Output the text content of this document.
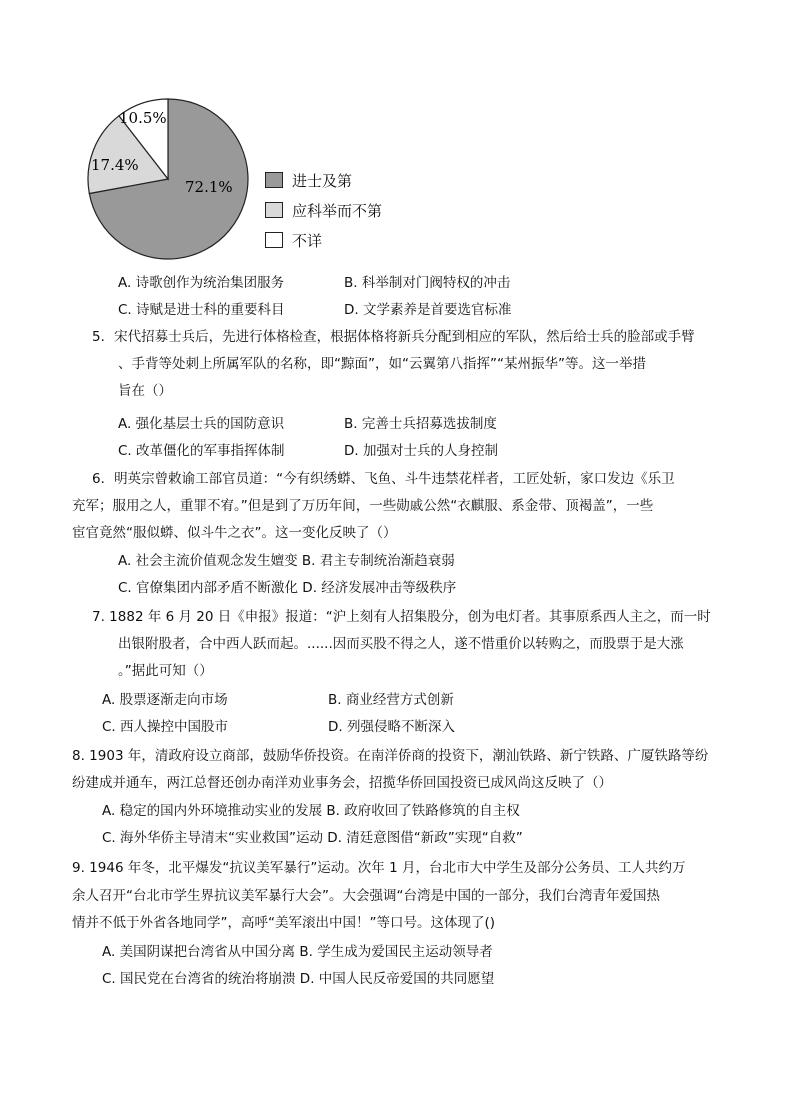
72.1%
17.4%
10.5%
进士及第
应科举而不第
不详
A. 诗歌创作为统治集团服务	B. 科举制对门阀特权的冲击
C. 诗赋是进士科的重要科目	D. 文学素养是首要选官标准
5．宋代招募士兵后，先进行体格检查，根据体格将新兵分配到相应的军队，然后给士兵的脸部或手臂
、手背等处刺上所属军队的名称，即“黥面”，如“云翼第八指挥”“某州振华”等。这一举措
旨在（）
A. 强化基层士兵的国防意识	B. 完善士兵招募选拔制度
C. 改革僵化的军事指挥体制	D. 加强对士兵的人身控制
6．明英宗曾敕谕工部官员道：“今有织绣蟒、飞鱼、斗牛违禁花样者，工匠处斩，家口发边《乐卫
充军；服用之人，重罪不宥。”但是到了万历年间，一些勋戚公然“衣麒服、系金带、顶褐盖”，一些
宦官竟然“服似蟒、似斗牛之衣”。这一变化反映了（）
A. 社会主流价值观念发生嬗变 B. 君主专制统治渐趋衰弱
C. 官僚集团内部矛盾不断激化 D. 经济发展冲击等级秩序
7. 1882 年 6 月 20 日《申报》报道：“沪上刻有人招集股分，创为电灯者。其事原系西人主之，而一时
出银附股者，合中西人跃而起。......因而买股不得之人，遂不惜重价以转购之，而股票于是大涨
。”据此可知（）
A. 股票逐渐走向市场	B. 商业经营方式创新
C. 西人操控中国股市	D. 列强侵略不断深入
8. 1903 年，清政府设立商部，鼓励华侨投资。在南洋侨商的投资下，潮汕铁路、新宁铁路、广厦铁路等纷
纷建成并通车，两江总督还创办南洋劝业事务会，招揽华侨回国投资已成风尚这反映了（）
A. 稳定的国内外环境推动实业的发展 B. 政府收回了铁路修筑的自主权
C. 海外华侨主导清末“实业救国”运动 D. 清廷意图借“新政”实现“自救”
9. 1946 年冬，北平爆发“抗议美军暴行”运动。次年 1 月，台北市大中学生及部分公务员、工人共约万
余人召开“台北市学生界抗议美军暴行大会”。大会强调“台湾是中国的一部分，我们台湾青年爱国热
情并不低于外省各地同学”，高呼“美军滚出中国！”等口号。这体现了()
A. 美国阴谋把台湾省从中国分离 B. 学生成为爱国民主运动领导者
C. 国民党在台湾省的统治将崩溃 D. 中国人民反帝爱国的共同愿望
